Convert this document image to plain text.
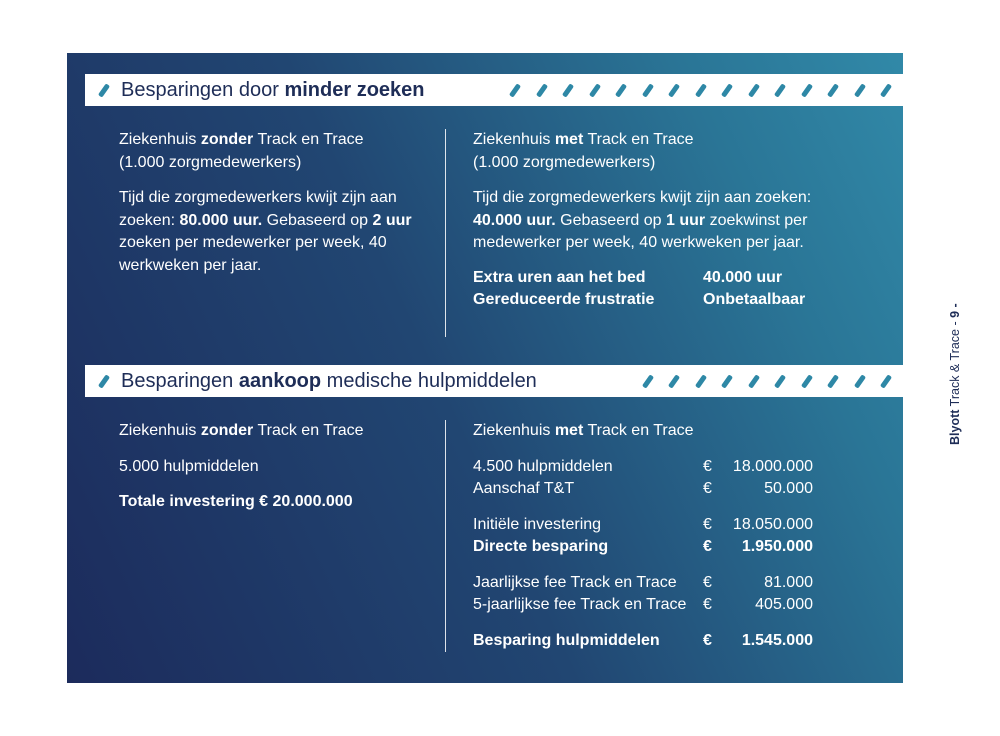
Besparingen door minder zoeken

Ziekenhuis zonder Track en Trace

(1.000 zorgmedewerkers)

Tijd die zorgmedewerkers kwijt zijn aan zoeken: 80.000 uur. Gebaseerd op 2 uur zoeken per medewerker per week, 40 werkweken per jaar.

Ziekenhuis met Track en Trace

(1.000 zorgmedewerkers)

Tijd die zorgmedewerkers kwijt zijn aan zoeken: 40.000 uur. Gebaseerd op 1 uur zoekwinst per medewerker per week, 40 werkweken per jaar.

Extra uren aan het bed	40.000 uur
Gereduceerde frustratie	Onbetaalbaar
Besparingen aankoop medische hulpmiddelen

Ziekenhuis zonder Track en Trace

5.000 hulpmiddelen

Totale investering € 20.000.000

Ziekenhuis met Track en Trace

4.500 hulpmiddelen	€	18.000.000
Aanschaf T&T	€	50.000
Initiële investering	€	18.050.000
Directe besparing	€	1.950.000
Jaarlijkse fee Track en Trace	€	81.000
5-jaarlijkse fee Track en Trace	€	405.000
Besparing hulpmiddelen	€	1.545.000
Blyott Track & Trace - 9 -
